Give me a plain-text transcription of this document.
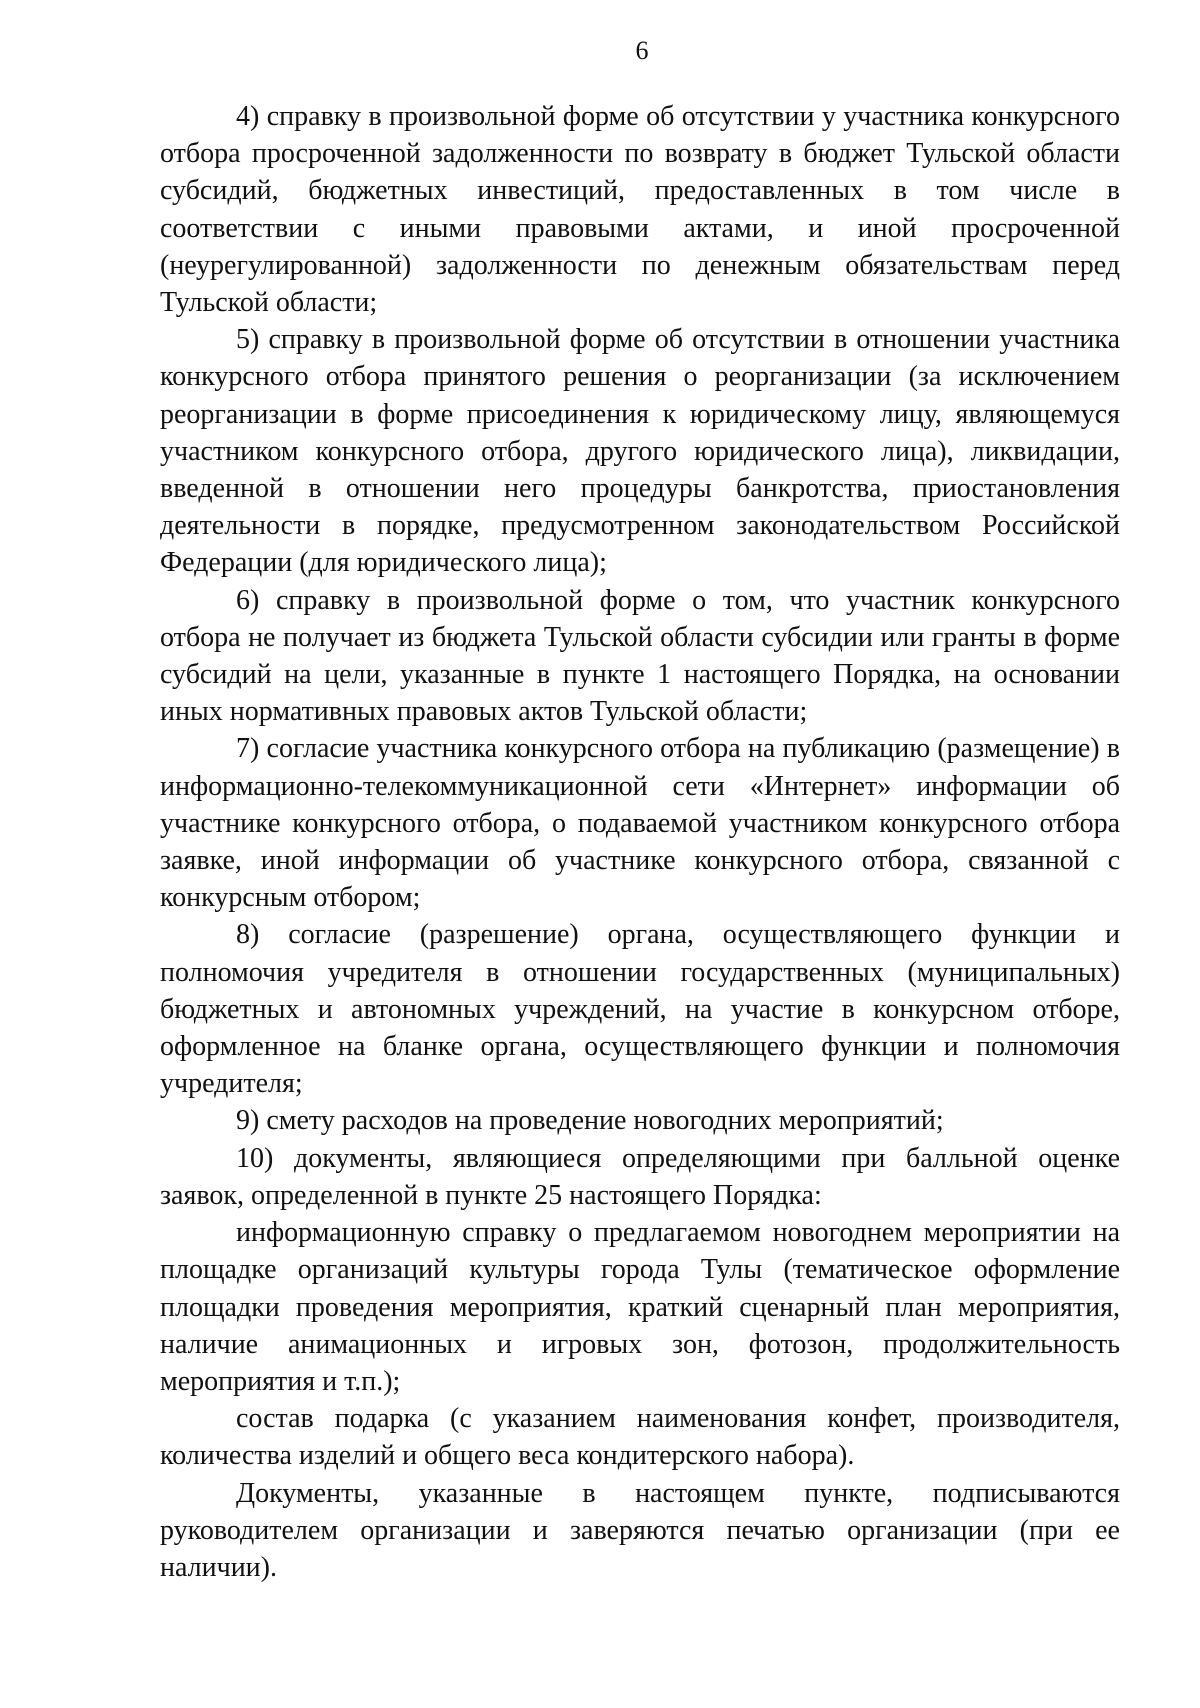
6

4) справку в произвольной форме об отсутствии у участника конкурсного отбора просроченной задолженности по возврату в бюджет Тульской области субсидий, бюджетных инвестиций, предоставленных в том числе в соответствии с иными правовыми актами, и иной просроченной (неурегулированной) задолженности по денежным обязательствам перед Тульской области;

5) справку в произвольной форме об отсутствии в отношении участника конкурсного отбора принятого решения о реорганизации (за исключением реорганизации в форме присоединения к юридическому лицу, являющемуся участником конкурсного отбора, другого юридического лица), ликвидации, введенной в отношении него процедуры банкротства, приостановления деятельности в порядке, предусмотренном законодательством Российской Федерации (для юридического лица);

6) справку в произвольной форме о том, что участник конкурсного отбора не получает из бюджета Тульской области субсидии или гранты в форме субсидий на цели, указанные в пункте 1 настоящего Порядка, на основании иных нормативных правовых актов Тульской области;

7) согласие участника конкурсного отбора на публикацию (размещение) в информационно-телекоммуникационной сети «Интернет» информации об участнике конкурсного отбора, о подаваемой участником конкурсного отбора заявке, иной информации об участнике конкурсного отбора, связанной с конкурсным отбором;

8) согласие (разрешение) органа, осуществляющего функции и полномочия учредителя в отношении государственных (муниципальных) бюджетных и автономных учреждений, на участие в конкурсном отборе, оформленное на бланке органа, осуществляющего функции и полномочия учредителя;

9) смету расходов на проведение новогодних мероприятий;

10) документы, являющиеся определяющими при балльной оценке заявок, определенной в пункте 25 настоящего Порядка:

информационную справку о предлагаемом новогоднем мероприятии на площадке организаций культуры города Тулы (тематическое оформление площадки проведения мероприятия, краткий сценарный план мероприятия, наличие анимационных и игровых зон, фотозон, продолжительность мероприятия и т.п.);

состав подарка (с указанием наименования конфет, производителя, количества изделий и общего веса кондитерского набора).

Документы, указанные в настоящем пункте, подписываются руководителем организации и заверяются печатью организации (при ее наличии).
